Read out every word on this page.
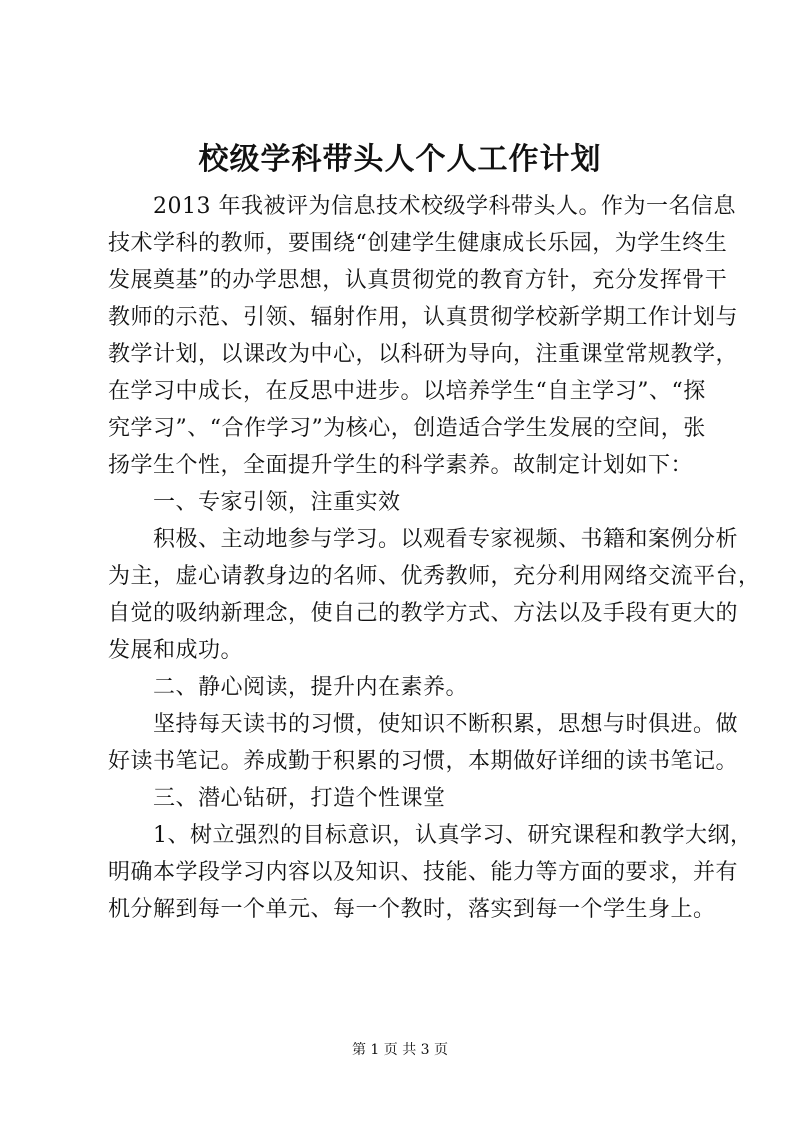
校级学科带头人个人工作计划
　　2013 年我被评为信息技术校级学科带头人。作为一名信息
技术学科的教师，要围绕“创建学生健康成长乐园，为学生终生
发展奠基”的办学思想，认真贯彻党的教育方针，充分发挥骨干
教师的示范、引领、辐射作用，认真贯彻学校新学期工作计划与
教学计划，以课改为中心，以科研为导向，注重课堂常规教学，
在学习中成长，在反思中进步。以培养学生“自主学习”、“探
究学习”、“合作学习”为核心，创造适合学生发展的空间，张
扬学生个性，全面提升学生的科学素养。故制定计划如下：
　　一、专家引领，注重实效
　　积极、主动地参与学习。以观看专家视频、书籍和案例分析
为主，虚心请教身边的名师、优秀教师，充分利用网络交流平台，
自觉的吸纳新理念，使自己的教学方式、方法以及手段有更大的
发展和成功。
　　二、静心阅读，提升内在素养。
　　坚持每天读书的习惯，使知识不断积累，思想与时俱进。做
好读书笔记。养成勤于积累的习惯，本期做好详细的读书笔记。
　　三、潜心钻研，打造个性课堂
　　1、树立强烈的目标意识，认真学习、研究课程和教学大纲，
明确本学段学习内容以及知识、技能、能力等方面的要求，并有
机分解到每一个单元、每一个教时，落实到每一个学生身上。
第 1 页 共 3 页
